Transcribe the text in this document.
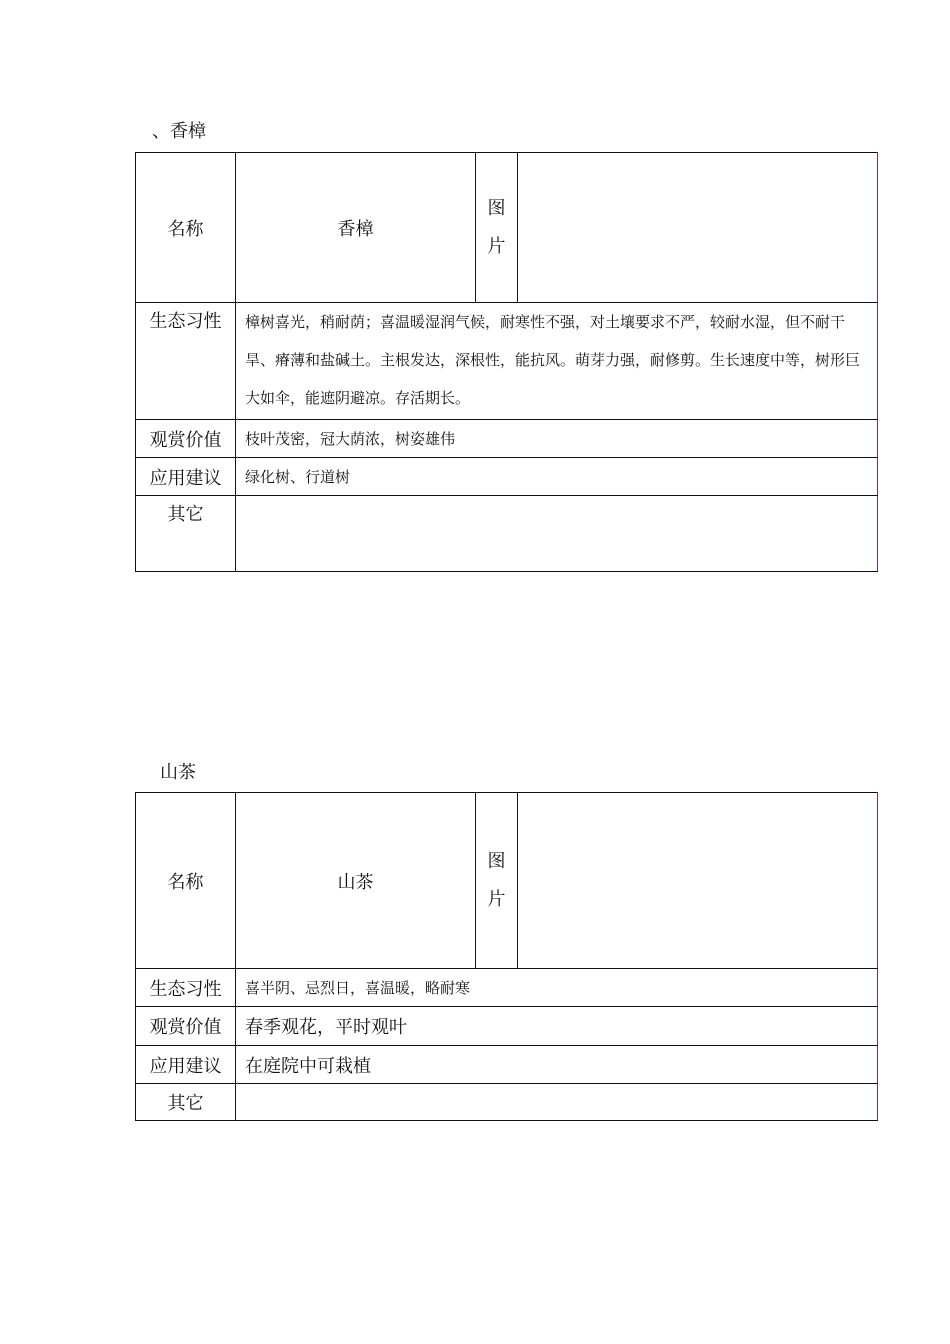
、香樟
名称	香樟	图
片	

生态习性	樟树喜光，稍耐荫；喜温暖湿润气候，耐寒性不强，对土壤要求不严，较耐水湿，但不耐干旱、瘠薄和盐碱土。主根发达，深根性，能抗风。萌芽力强，耐修剪。生长速度中等，树形巨大如伞，能遮阴避凉。存活期长。		
观赏价值	枝叶茂密，冠大荫浓，树姿雄伟		
应用建议	绿化树、行道树		
其它			
山茶
名称	山茶	图
片	

生态习性	喜半阴、忌烈日，喜温暖，略耐寒		
观赏价值	春季观花，平时观叶		
应用建议	在庭院中可栽植		
其它			
